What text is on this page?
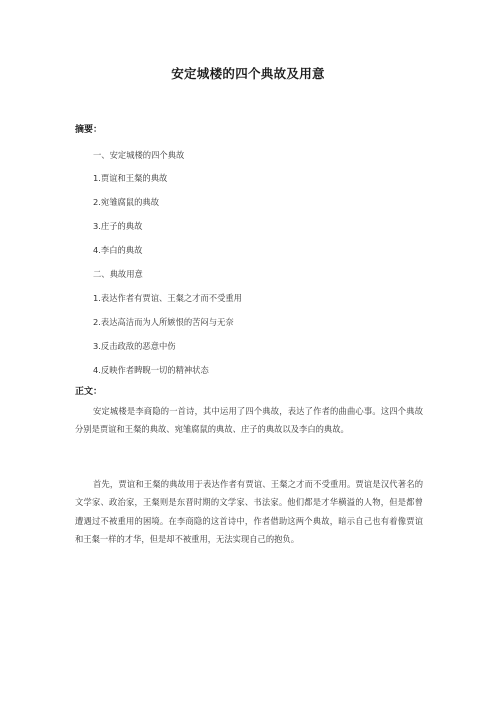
安定城楼的四个典故及用意
摘要：
一、安定城楼的四个典故
1.贾谊和王粲的典故
2.宛雏腐鼠的典故
3.庄子的典故
4.李白的典故
二、典故用意
1.表达作者有贾谊、王粲之才而不受重用
2.表达高洁而为人所嫉恨的苦闷与无奈
3.反击政敌的恶意中伤
4.反映作者睥睨一切的精神状态
正文：

安定城楼是李商隐的一首诗，其中运用了四个典故，表达了作者的曲曲心事。这四个典故分别是贾谊和王粲的典故、宛雏腐鼠的典故、庄子的典故以及李白的典故。

首先，贾谊和王粲的典故用于表达作者有贾谊、王粲之才而不受重用。贾谊是汉代著名的文学家、政治家，王粲则是东晋时期的文学家、书法家。他们都是才华横溢的人物，但是都曾遭遇过不被重用的困境。在李商隐的这首诗中，作者借助这两个典故，暗示自己也有着像贾谊和王粲一样的才华，但是却不被重用，无法实现自己的抱负。
